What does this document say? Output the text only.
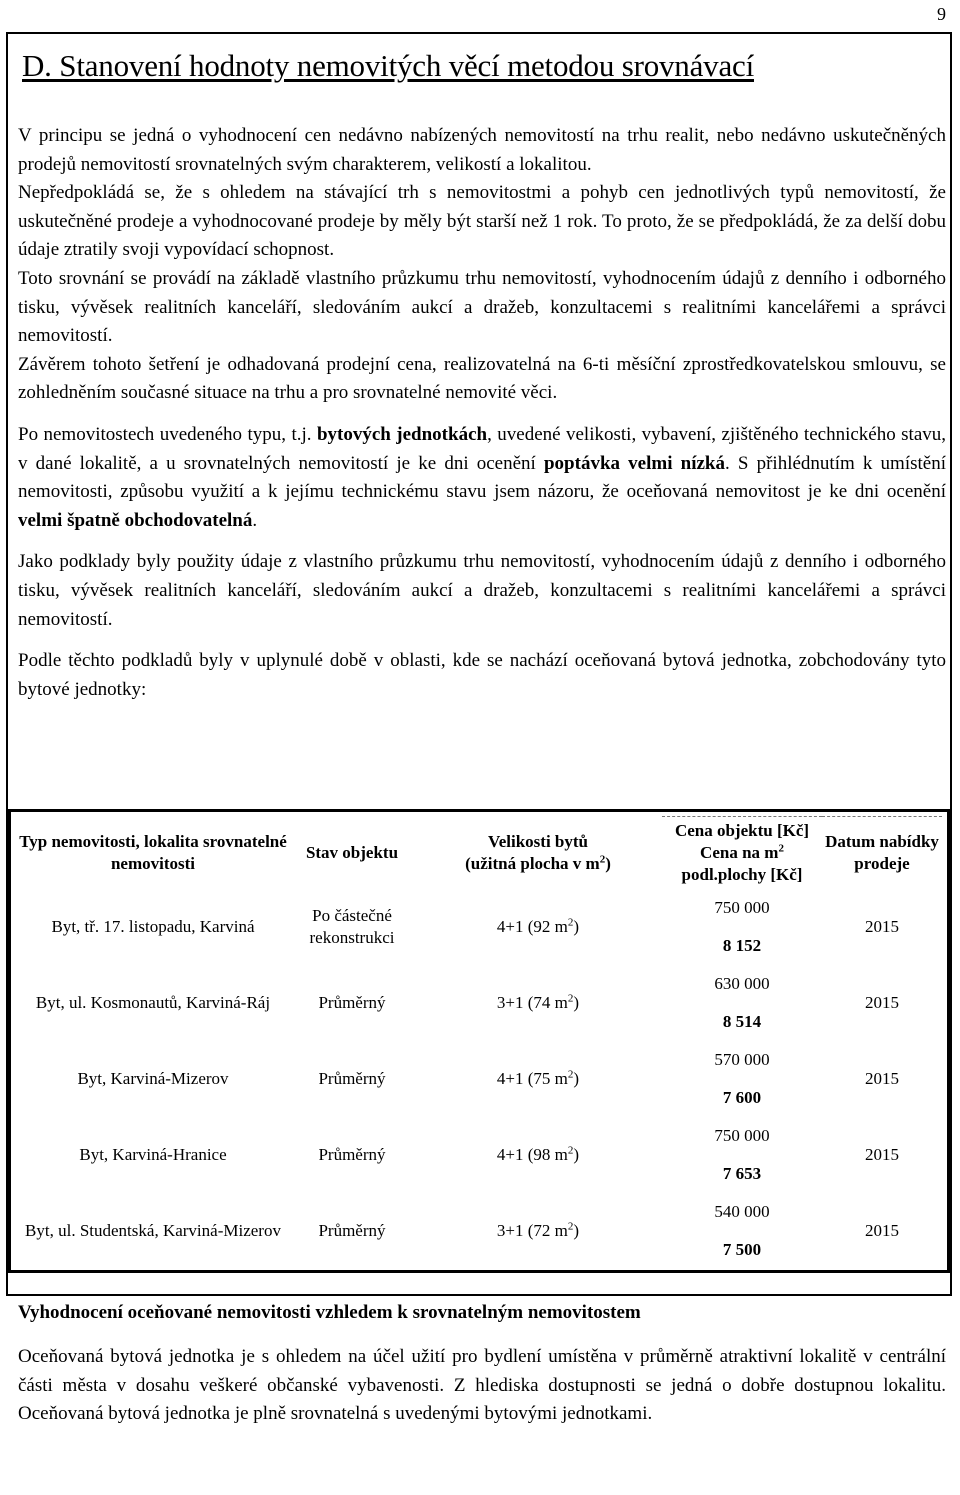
9
D. Stanovení hodnoty nemovitých věcí metodou srovnávací

V principu se jedná o vyhodnocení cen nedávno nabízených nemovitostí na trhu realit, nebo nedávno uskutečněných prodejů nemovitostí srovnatelných svým charakterem, velikostí a lokalitou.

Nepředpokládá se, že s ohledem na stávající trh s nemovitostmi a pohyb cen jednotlivých typů nemovitostí, že uskutečněné prodeje a vyhodnocované prodeje by měly být starší než 1 rok. To proto, že se předpokládá, že za delší dobu údaje ztratily svoji vypovídací schopnost.

Toto srovnání se provádí na základě vlastního průzkumu trhu nemovitostí, vyhodnocením údajů z denního i odborného tisku, vývěsek realitních kanceláří, sledováním aukcí a dražeb, konzultacemi s realitními kancelářemi a správci nemovitostí.

Závěrem tohoto šetření je odhadovaná prodejní cena, realizovatelná na 6-ti měsíční zprostředkovatelskou smlouvu, se zohledněním současné situace na trhu a pro srovnatelné nemovité věci.

Po nemovitostech uvedeného typu, t.j. bytových jednotkách, uvedené velikosti, vybavení, zjištěného technického stavu, v dané lokalitě, a u srovnatelných nemovitostí je ke dni ocenění poptávka velmi nízká. S přihlédnutím k umístění nemovitosti, způsobu využití a k jejímu technickému stavu jsem názoru, že oceňovaná nemovitost je ke dni ocenění velmi špatně obchodovatelná.

Jako podklady byly použity údaje z vlastního průzkumu trhu nemovitostí, vyhodnocením údajů z denního i odborného tisku, vývěsek realitních kanceláří, sledováním aukcí a dražeb, konzultacemi s realitními kancelářemi a správci nemovitostí.

Podle těchto podkladů byly v uplynulé době v oblasti, kde se nachází oceňovaná bytová jednotka, zobchodovány tyto bytové jednotky:

Typ nemovitosti, lokalita srovnatelné nemovitosti	Stav objektu	Velikosti bytů
(užitná plocha v $m^2$)	Cena objektu [Kč]
Cena na $m^2$
podl.plochy [Kč]	Datum nabídky prodeje
Byt, tř. 17. listopadu, Karviná	Po částečné rekonstrukci	4+1 (92 $m^2$)	750 000
8 152	2015
Byt, ul. Kosmonautů, Karviná-Ráj	Průměrný	3+1 (74 $m^2$)	630 000
8 514	2015
Byt, Karviná-Mizerov	Průměrný	4+1 (75 $m^2$)	570 000
7 600	2015
Byt, Karviná-Hranice	Průměrný	4+1 (98 $m^2$)	750 000
7 653	2015
Byt, ul. Studentská, Karviná-Mizerov	Průměrný	3+1 (72 $m^2$)	540 000
7 500	2015
Vyhodnocení oceňované nemovitosti vzhledem k srovnatelným nemovitostem

Oceňovaná bytová jednotka je s ohledem na účel užití pro bydlení umístěna v průměrně atraktivní lokalitě v centrální části města v dosahu veškeré občanské vybavenosti. Z hlediska dostupnosti se jedná o dobře dostupnou lokalitu. Oceňovaná bytová jednotka je plně srovnatelná s uvedenými bytovými jednotkami.
